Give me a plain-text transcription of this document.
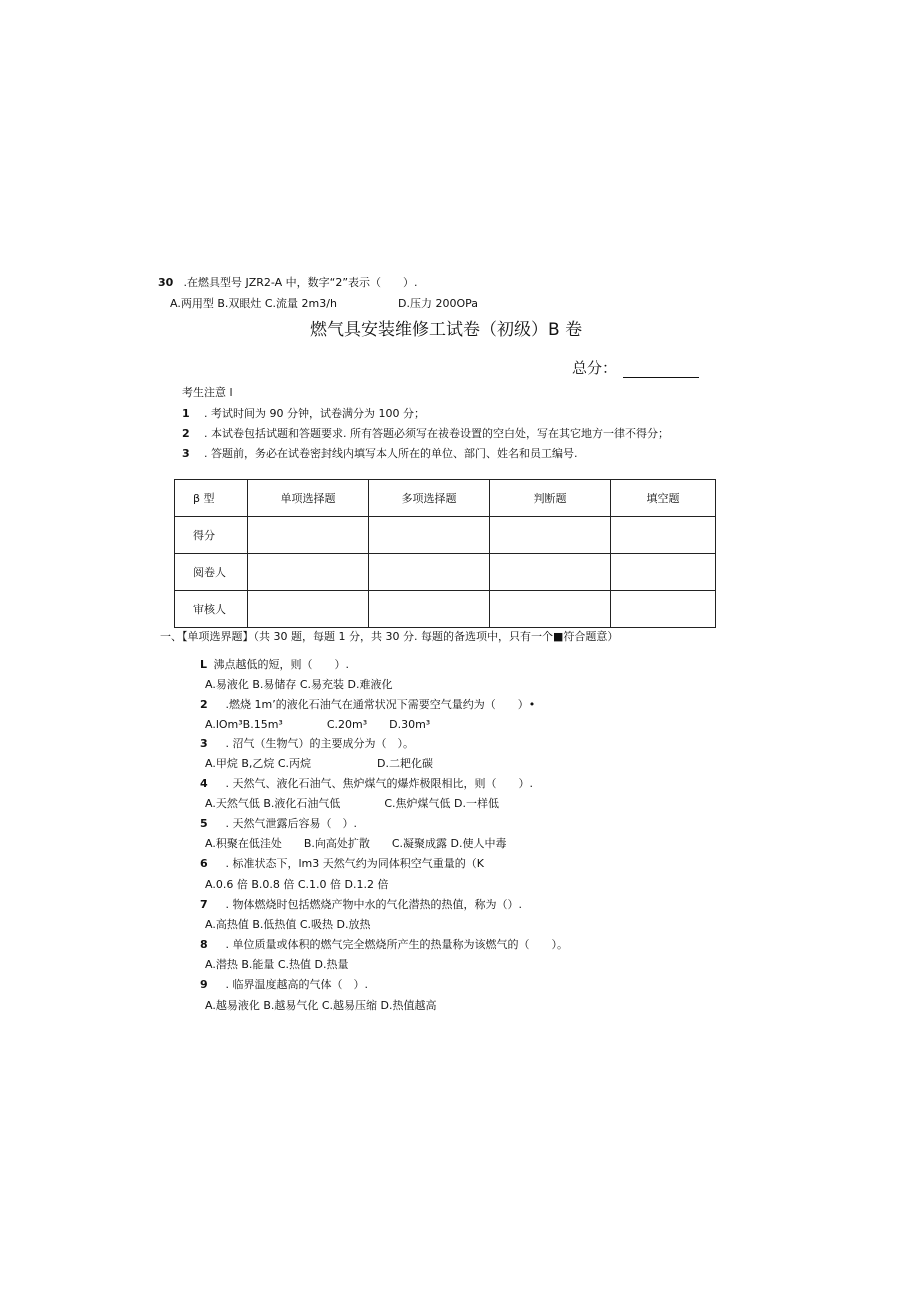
30 .在燃具型号 JZR2-A 中，数字“2”表示（　　）.
A.两用型 B.双眼灶 C.流量 2m3/h	D.压力 200OPa
燃气具安装维修工试卷（初级）B 卷
总分：
考生注意 l
1 . 考试时间为 90 分钟，试卷满分为 100 分；
2 . 本试卷包括试题和答题要求. 所有答题必须写在祓卷设置的空白处，写在其它地方一律不得分；
3 . 答题前，务必在试卷密封线内填写本人所在的单位、部门、姓名和员工编号.
β 型	单项选择题	多项选择题	判断题	填空题
得分				
阅卷人				
审核人				
一、【单项选界题】（共 30 题，每题 1 分，共 30 分. 每题的备选项中，只有一个■符合题意）
L 沸点越低的短，则（　　）.
A.易液化 B.易储存 C.易充装 D.难液化
2 .燃烧 1m’的液化石油气在通常状况下需要空气量约为（　　）•
A.lOm³B.15m³　　　　C.20m³　　D.30m³
3 . 沼气（生物气）的主要成分为（　）。
A.甲烷 B,乙烷 C.丙烷　　　　　　D.二耙化碳
4 . 天然气、液化石油气、焦炉煤气的爆炸极限相比，则（　　）.
A.天然气低 B.液化石油气低　　　　C.焦炉煤气低 D.一样低
5 . 天然气泄露后容易（　）.
A.积聚在低洼处　　B.向高处扩散　　C.凝聚成露 D.使人中毒
6 . 标准状态下，lm3 天然气约为同体积空气重量的（K
A.0.6 倍 B.0.8 倍 C.1.0 倍 D.1.2 倍
7 . 物体燃烧时包括燃烧产物中水的气化潜热的热值，称为（）.
A.高热值 B.低热值 C.吸热 D.放热
8 . 单位质量或体积的燃气完全燃烧所产生的热量称为该燃气的（　　）。
A.潜热 B.能量 C.热值 D.热量
9 . 临界温度越高的气体（　）.
A.越易液化 B.越易气化 C.越易压缩 D.热值越高
